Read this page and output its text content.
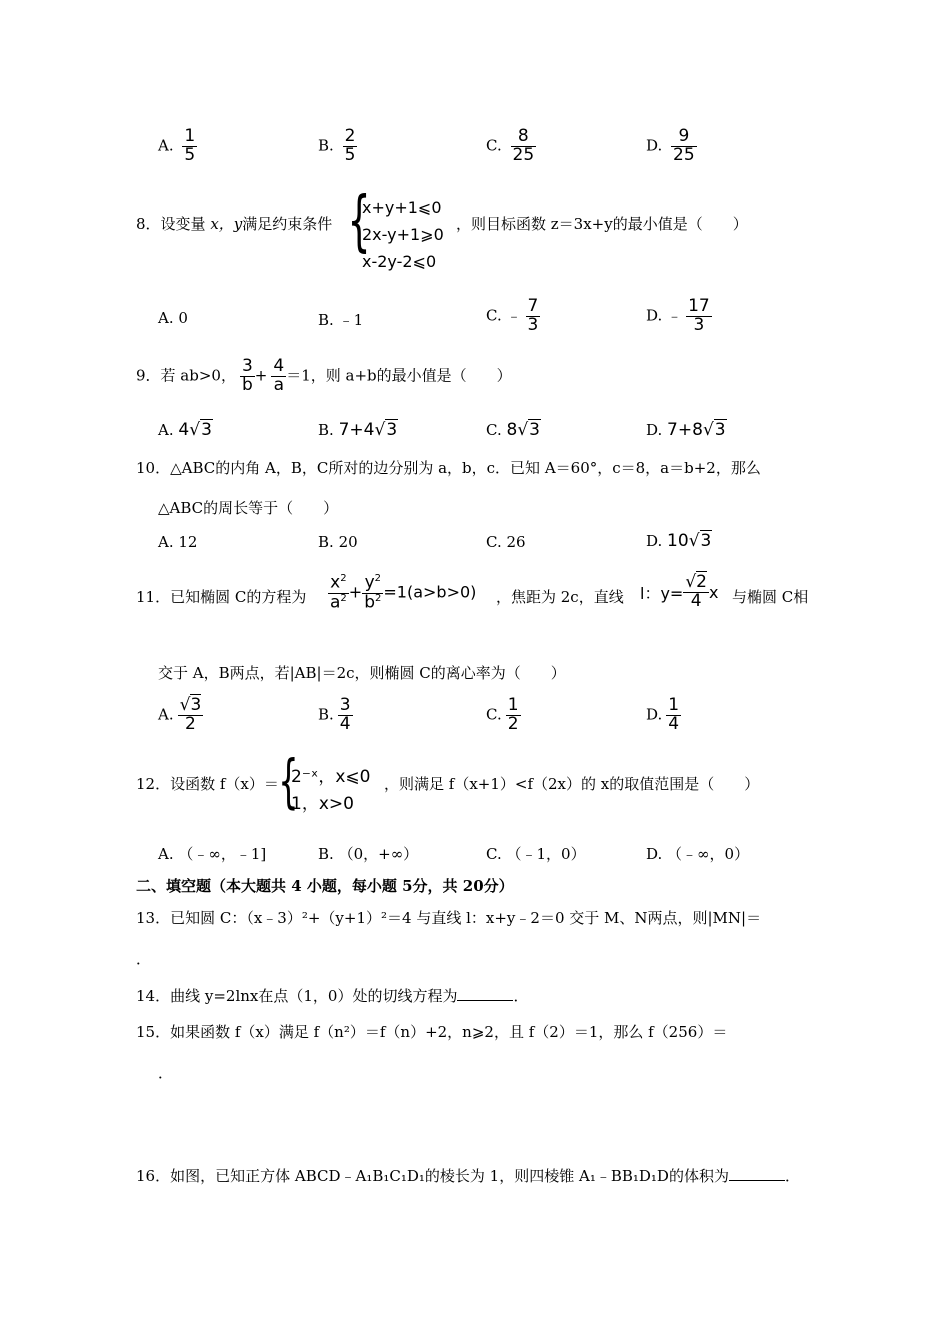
A. $\frac{1}{5}$	B. $\frac{2}{5}$	C. $\frac{8}{25}$	D. $\frac{9}{25}$
8．设变量 x，y满足约束条件 {
x+y+1⩽0
2x-y+1⩾0
x-2y-2⩽0
，则目标函数 z＝3x+y的最小值是（　　）
A. 0	B. ﹣1	C. ﹣ $\frac{7}{3}$	D. ﹣ $\frac{17}{3}$
9．若 ab>0， $\frac{3}{b} + \frac{4}{a} =1$，则 a+b的最小值是（　　）
A. 4√3	B. 7+4√3	C. 8√3	D. 7+8√3
10．△ABC的内角 A，B，C所对的边分别为 a，b，c．已知 A＝60°，c＝8，a＝b+2，那么
△ABC的周长等于（　　）
A. 12	B. 20	C. 26	D. 10√3
11．已知椭圆 C的方程为 $\frac{x^2}{a^2} + \frac{y^2}{b^2} =1(a>b>0)$ ，焦距为 2c，直线 l：$y= \frac{√2}{4}$ x 与椭圆 C相
交于 A，B两点，若|AB|＝2c，则椭圆 C的离心率为（　　）
A. $\frac{√3}{2}$	B. $\frac{3}{4}$	C. $\frac{1}{2}$	D. $\frac{1}{4}$
12．设函数 f（x）＝ {
2⁻ˣ，x⩽0
1，x>0
，则满足 f（x+1）<f（2x）的 x的取值范围是（　　）
A. （﹣∞，﹣1]	B. （0，+∞）	C. （﹣1，0）	D. （﹣∞，0）
二、填空题（本大题共 4 小题，每小题 5分，共 20分）
13．已知圆 C：（x﹣3）²+（y+1）²＝4 与直线 l：x+y﹣2＝0 交于 M、N两点，则|MN|＝
．
14．曲线 y=2lnx在点（1，0）处的切线方程为	．
15．如果函数 f（x）满足 f（n²）＝f（n）+2，n⩾2，且 f（2）＝1，那么 f（256）＝
．
16．如图，已知正方体 ABCD﹣A₁B₁C₁D₁的棱长为 1，则四棱锥 A₁﹣BB₁D₁D的体积为	．
